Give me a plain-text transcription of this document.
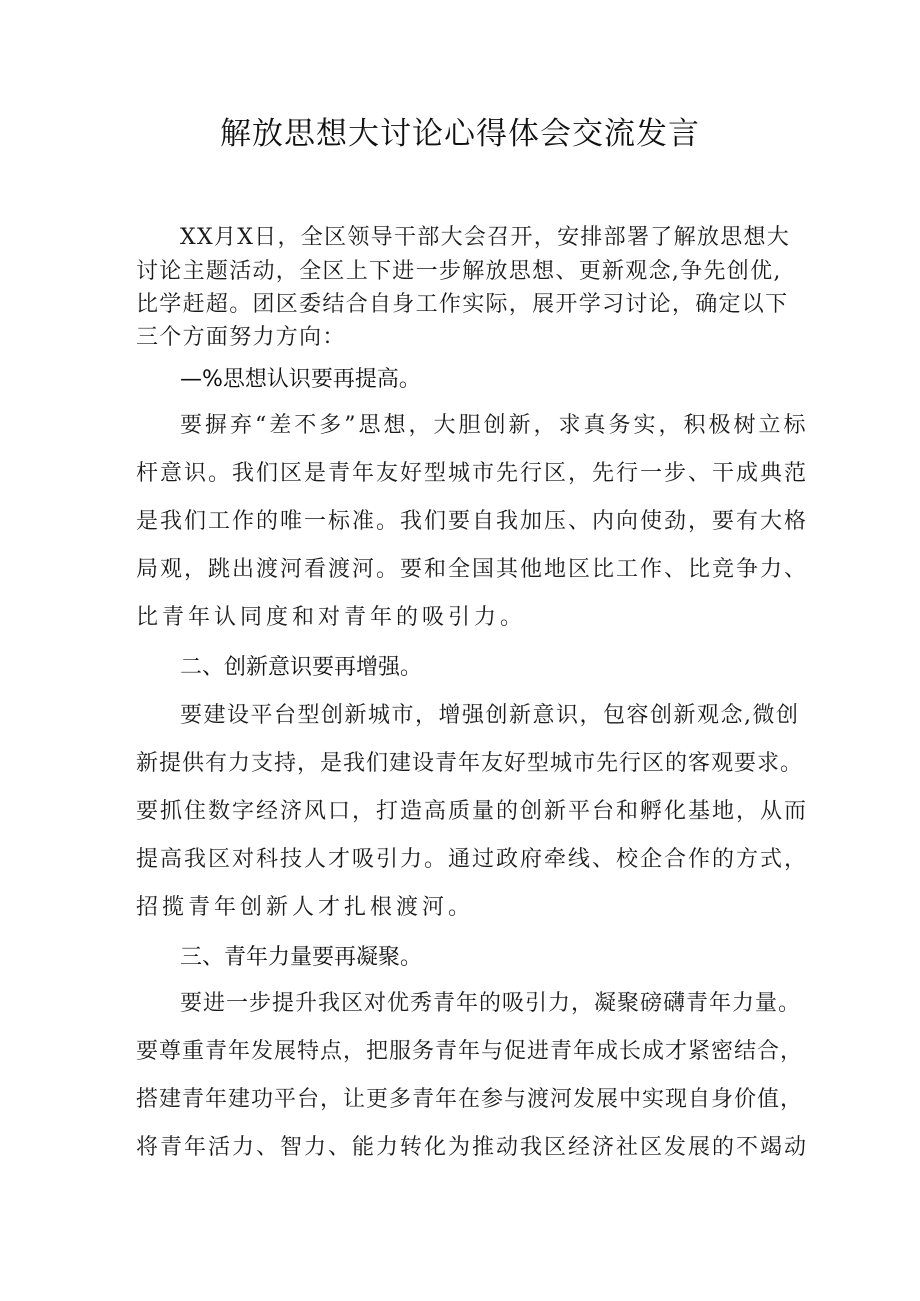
解放思想大讨论心得体会交流发言
XX月X日，全区领导干部大会召开，安排部署了解放思想大
讨论主题活动，全区上下进一步解放思想、更新观念,争先创优,
比学赶超。团区委结合自身工作实际，展开学习讨论，确定以下
三个方面努力方向：
—%思想认识要再提高。
要摒弃“差不多”思想，大胆创新，求真务实，积极树立标
杆意识。我们区是青年友好型城市先行区，先行一步、干成典范
是我们工作的唯一标准。我们要自我加压、内向使劲，要有大格
局观，跳出渡河看渡河。要和全国其他地区比工作、比竞争力、
比青年认同度和对青年的吸引力。
二、创新意识要再增强。
要建设平台型创新城市，增强创新意识，包容创新观念,微创
新提供有力支持，是我们建设青年友好型城市先行区的客观要求。
要抓住数字经济风口，打造高质量的创新平台和孵化基地，从而
提高我区对科技人才吸引力。通过政府牵线、校企合作的方式，
招揽青年创新人才扎根渡河。
三、青年力量要再凝聚。
要进一步提升我区对优秀青年的吸引力，凝聚磅礴青年力量。
要尊重青年发展特点，把服务青年与促进青年成长成才紧密结合，
搭建青年建功平台，让更多青年在参与渡河发展中实现自身价值，
将青年活力、智力、能力转化为推动我区经济社区发展的不竭动
